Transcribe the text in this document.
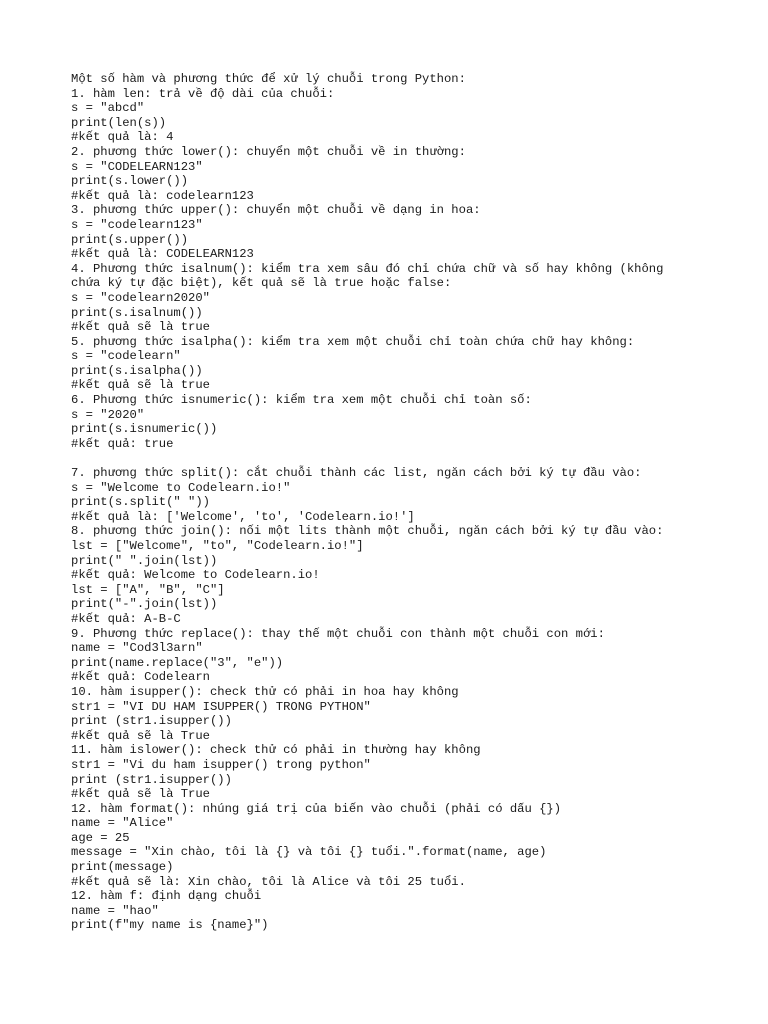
Một số hàm và phương thức để xử lý chuỗi trong Python:
1. hàm len: trả về độ dài của chuỗi:
s = "abcd"
print(len(s))
#kết quả là: 4
2. phương thức lower(): chuyển một chuỗi về in thường:
s = "CODELEARN123"
print(s.lower())
#kết quả là: codelearn123
3. phương thức upper(): chuyển một chuỗi về dạng in hoa:
s = "codelearn123"
print(s.upper())
#kết quả là: CODELEARN123
4. Phương thức isalnum(): kiểm tra xem sâu đó chỉ chứa chữ và số hay không (không
chứa ký tự đặc biệt), kết quả sẽ là true hoặc false:
s = "codelearn2020"
print(s.isalnum())
#kết quả sẽ là true
5. phương thức isalpha(): kiểm tra xem một chuỗi chỉ toàn chứa chữ hay không:
s = "codelearn"
print(s.isalpha())
#kết quả sẽ là true
6. Phương thức isnumeric(): kiểm tra xem một chuỗi chỉ toàn số:
s = "2020"
print(s.isnumeric())
#kết quả: true
7. phương thức split(): cắt chuỗi thành các list, ngăn cách bởi ký tự đầu vào:
s = "Welcome to Codelearn.io!"
print(s.split(" "))
#kết quả là: ['Welcome', 'to', 'Codelearn.io!']
8. phương thức join(): nối một lits thành một chuỗi, ngăn cách bởi ký tự đầu vào:
lst = ["Welcome", "to", "Codelearn.io!"]
print(" ".join(lst))
#kết quả: Welcome to Codelearn.io!
lst = ["A", "B", "C"]
print("-".join(lst))
#kết quả: A-B-C
9. Phương thức replace(): thay thế một chuỗi con thành một chuỗi con mới:
name = "Cod3l3arn"
print(name.replace("3", "e"))
#kết quả: Codelearn
10. hàm isupper(): check thử có phải in hoa hay không
str1 = "VI DU HAM ISUPPER() TRONG PYTHON"
print (str1.isupper())
#kết quả sẽ là True
11. hàm islower(): check thử có phải in thường hay không
str1 = "Vi du ham isupper() trong python"
print (str1.isupper())
#kết quả sẽ là True
12. hàm format(): nhúng giá trị của biến vào chuỗi (phải có dấu {})
name = "Alice"
age = 25
message = "Xin chào, tôi là {} và tôi {} tuổi.".format(name, age)
print(message)
#kết quả sẽ là: Xin chào, tôi là Alice và tôi 25 tuổi.
12. hàm f: định dạng chuỗi
name = "hao"
print(f"my name is {name}")
